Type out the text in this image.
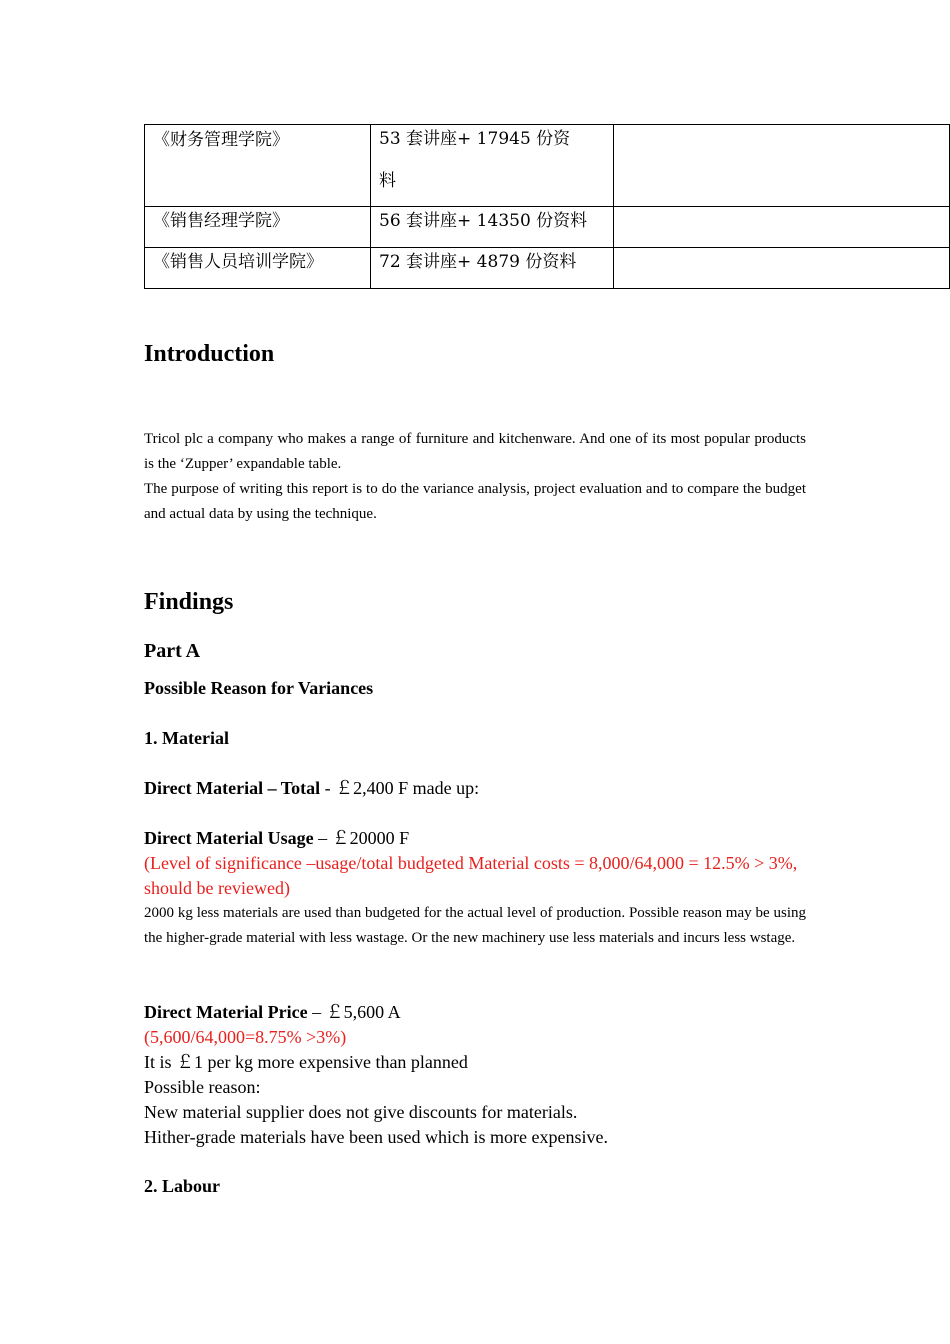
《财务管理学院》	53 套讲座+ 17945 份资
料	

《销售经理学院》	56 套讲座+ 14350 份资料	
《销售人员培训学院》	72 套讲座+ 4879 份资料	
Introduction

Tricol plc a company who makes a range of furniture and kitchenware. And one of its most popular products is the ‘Zupper’ expandable table.

The purpose of writing this report is to do the variance analysis, project evaluation and to compare the budget and actual data by using the technique.

Findings
Part A

Possible Reason for Variances

1. Material

Direct Material – Total - ￡2,400 F made up:

Direct Material Usage – ￡20000 F

(Level of significance –usage/total budgeted Material costs = 8,000/64,000 = 12.5% > 3%, should be reviewed)

2000 kg less materials are used than budgeted for the actual level of production. Possible reason may be using the higher-grade material with less wastage. Or the new machinery use less materials and incurs less wstage.

Direct Material Price – ￡5,600 A

(5,600/64,000=8.75% >3%)

It is ￡1 per kg more expensive than planned

Possible reason:

New material supplier does not give discounts for materials.

Hither-grade materials have been used which is more expensive.

2. Labour
